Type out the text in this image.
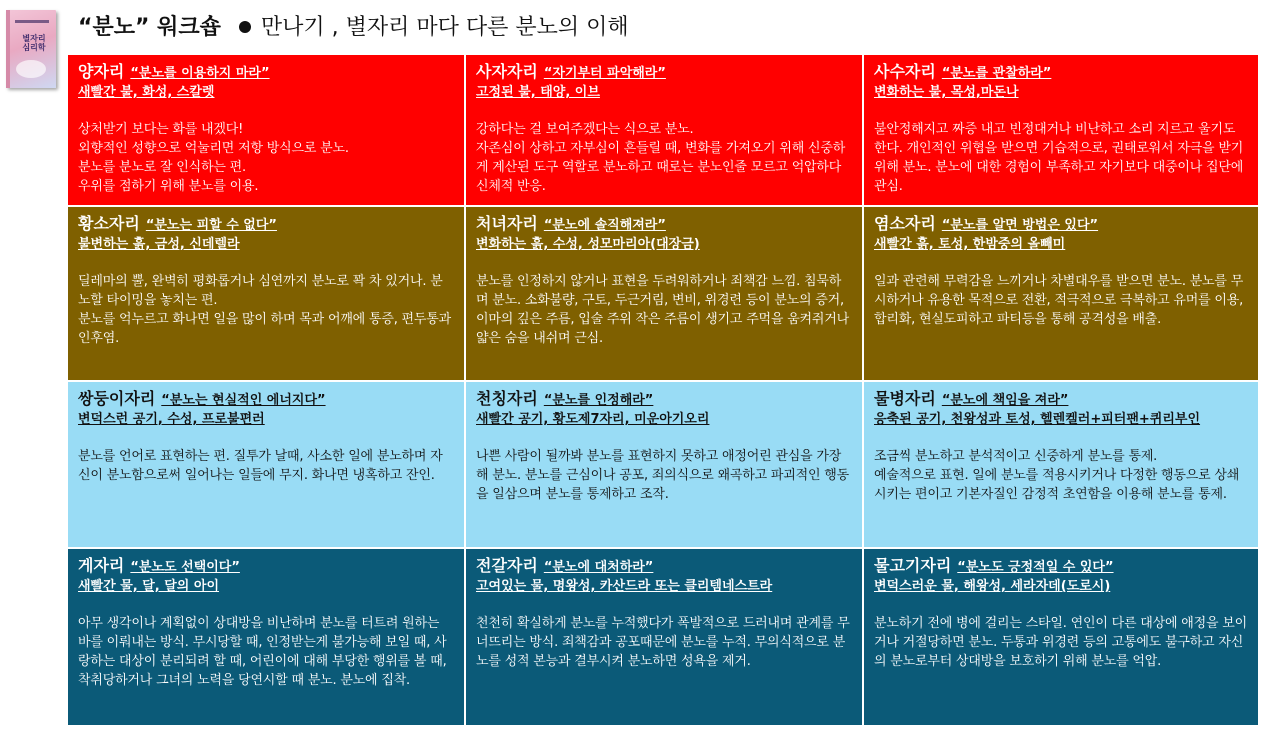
별자리 심리학
“분노” 워크숍 만나기 , 별자리 마다 다른 분노의 이해
양자리 “분노를 이용하지 마라”
새빨간 불, 화성, 스칼렛
상처받기 보다는 화를 내겠다!
외향적인 성향으로 억눌리면 저항 방식으로 분노.
분노를 분노로 잘 인식하는 편.
우위를 점하기 위해 분노를 이용.
사자자리 “자기부터 파악해라”
고정된 불, 태양, 이브
강하다는 걸 보여주겠다는 식으로 분노.
자존심이 상하고 자부심이 흔들릴 때, 변화를 가져오기 위해 신중하게 계산된 도구 역할로 분노하고 때로는 분노인줄 모르고 억압하다 신체적 반응.
사수자리 “분노를 관찰하라”
변화하는 불, 목성,마돈나
불안정해지고 짜증 내고 빈정대거나 비난하고 소리 지르고 울기도 한다. 개인적인 위협을 받으면 기습적으로, 권태로워서 자극을 받기 위해 분노. 분노에 대한 경험이 부족하고 자기보다 대중이나 집단에 관심.
황소자리 “분노는 피할 수 없다”
불변하는 흙, 금성, 신데렐라
딜레마의 뿔, 완벽히 평화롭거나 심연까지 분노로 꽉 차 있거나. 분노할 타이밍을 놓치는 편.
분노를 억누르고 화나면 일을 많이 하며 목과 어깨에 통증, 편두통과 인후염.
처녀자리 “분노에 솔직해져라”
변화하는 흙, 수성, 성모마리아(대장금)
분노를 인정하지 않거나 표현을 두려워하거나 죄책감 느낌. 침묵하며 분노. 소화불량, 구토, 두근거림, 변비, 위경련 등이 분노의 증거, 이마의 깊은 주름, 입술 주위 작은 주름이 생기고 주먹을 움켜쥐거나 얇은 숨을 내쉬며 근심.
염소자리 “분노를 알면 방법은 있다”
새빨간 흙, 토성, 한밤중의 올빼미
일과 관련해 무력감을 느끼거나 차별대우를 받으면 분노. 분노를 무시하거나 유용한 목적으로 전환, 적극적으로 극복하고 유머를 이용, 합리화, 현실도피하고 파티등을 통해 공격성을 배출.
쌍둥이자리 “분노는 현실적인 에너지다”
변덕스런 공기, 수성, 프로불편러
분노를 언어로 표현하는 편. 질투가 날때, 사소한 일에 분노하며 자신이 분노함으로써 일어나는 일들에 무지. 화나면 냉혹하고 잔인.
천칭자리 “분노를 인정해라”
새빨간 공기, 황도제7자리, 미운아기오리
나쁜 사람이 될까봐 분노를 표현하지 못하고 애정어린 관심을 가장해 분노. 분노를 근심이나 공포, 죄의식으로 왜곡하고 파괴적인 행동을 일삼으며 분노를 통제하고 조작.
물병자리 “분노에 책임을 져라”
응축된 공기, 천왕성과 토성, 헬렌켈러+피터팬+퀴리부인
조금씩 분노하고 분석적이고 신중하게 분노를 통제.
예술적으로 표현. 일에 분노를 적용시키거나 다정한 행동으로 상쇄시키는 편이고 기본자질인 감정적 초연함을 이용해 분노를 통제.
게자리 “분노도 선택이다”
새빨간 물, 달, 달의 아이
아무 생각이나 계획없이 상대방을 비난하며 분노를 터트려 원하는 바를 이뤄내는 방식. 무시당할 때, 인정받는게 불가능해 보일 때, 사랑하는 대상이 분리되려 할 때, 어린이에 대해 부당한 행위를 볼 때, 착취당하거나 그녀의 노력을 당연시할 때 분노. 분노에 집착.
전갈자리 “분노에 대처하라”
고여있는 물, 명왕성, 카산드라 또는 클리템네스트라
천천히 확실하게 분노를 누적했다가 폭발적으로 드러내며 관계를 무너뜨리는 방식. 죄책감과 공포때문에 분노를 누적. 무의식적으로 분노를 성적 본능과 결부시켜 분노하면 성욕을 제거.
물고기자리 “분노도 긍정적일 수 있다”
변덕스러운 물, 해왕성, 세라자데(도로시)
분노하기 전에 병에 걸리는 스타일. 연인이 다른 대상에 애정을 보이거나 거절당하면 분노. 두통과 위경련 등의 고통에도 불구하고 자신의 분노로부터 상대방을 보호하기 위해 분노를 억압.
